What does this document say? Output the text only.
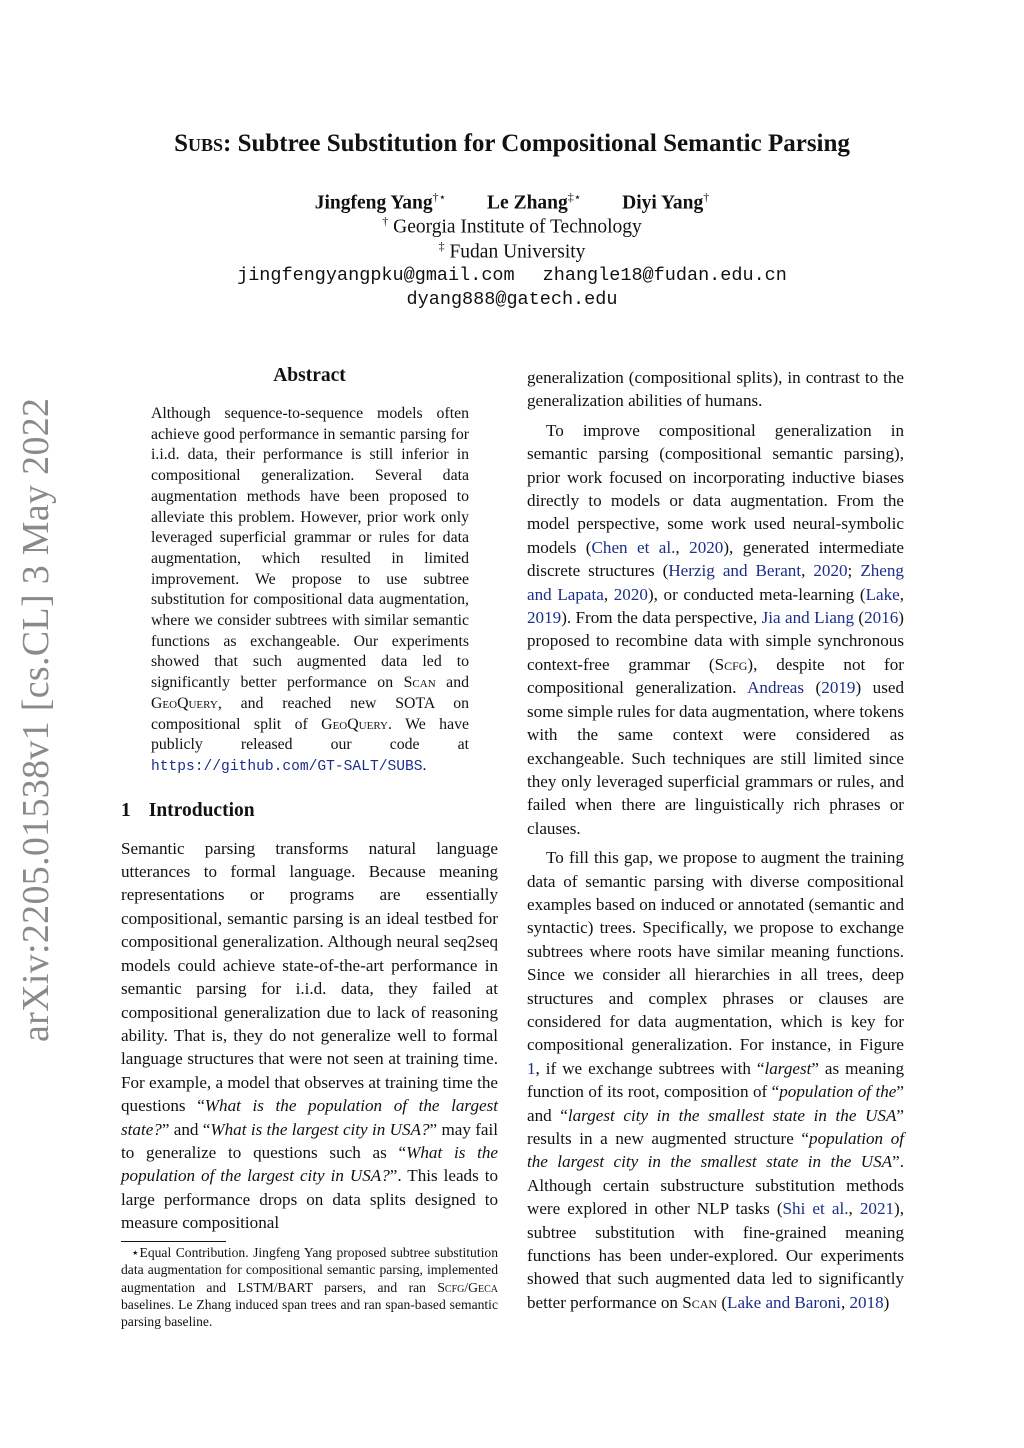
arXiv:2205.01538v1 [cs.CL] 3 May 2022
Subs: Subtree Substitution for Compositional Semantic Parsing
Jingfeng Yang†⋆ Le Zhang‡⋆ Diyi Yang†
† Georgia Institute of Technology
‡ Fudan University
jingfengyangpku@gmail.com zhangle18@fudan.edu.cn
dyang888@gatech.edu
Abstract

Although sequence-to-sequence models often achieve good performance in semantic parsing for i.i.d. data, their performance is still inferior in compositional generalization. Several data augmentation methods have been proposed to alleviate this problem. However, prior work only leveraged superficial grammar or rules for data augmentation, which resulted in limited improvement. We propose to use subtree substitution for compositional data augmentation, where we consider subtrees with similar semantic functions as exchangeable. Our experiments showed that such augmented data led to significantly better performance on Scan and GeoQuery, and reached new SOTA on compositional split of GeoQuery. We have publicly released our code at https://github.com/GT-SALT/SUBS.

1 Introduction

Semantic parsing transforms natural language utterances to formal language. Because meaning representations or programs are essentially compositional, semantic parsing is an ideal testbed for compositional generalization. Although neural seq2seq models could achieve state-of-the-art performance in semantic parsing for i.i.d. data, they failed at compositional generalization due to lack of reasoning ability. That is, they do not generalize well to formal language structures that were not seen at training time. For example, a model that observes at training time the questions “What is the population of the largest state?” and “What is the largest city in USA?” may fail to generalize to questions such as “What is the population of the largest city in USA?”. This leads to large performance drops on data splits designed to measure compositional

⋆Equal Contribution. Jingfeng Yang proposed subtree substitution data augmentation for compositional semantic parsing, implemented augmentation and LSTM/BART parsers, and ran Scfg/Geca baselines. Le Zhang induced span trees and ran span-based semantic parsing baseline.

generalization (compositional splits), in contrast to the generalization abilities of humans.

To improve compositional generalization in semantic parsing (compositional semantic parsing), prior work focused on incorporating inductive biases directly to models or data augmentation. From the model perspective, some work used neural-symbolic models (Chen et al., 2020), generated intermediate discrete structures (Herzig and Berant, 2020; Zheng and Lapata, 2020), or conducted meta-learning (Lake, 2019). From the data perspective, Jia and Liang (2016) proposed to recombine data with simple synchronous context-free grammar (Scfg), despite not for compositional generalization. Andreas (2019) used some simple rules for data augmentation, where tokens with the same context were considered as exchangeable. Such techniques are still limited since they only leveraged superficial grammars or rules, and failed when there are linguistically rich phrases or clauses.

To fill this gap, we propose to augment the training data of semantic parsing with diverse compositional examples based on induced or annotated (semantic and syntactic) trees. Specifically, we propose to exchange subtrees where roots have similar meaning functions. Since we consider all hierarchies in all trees, deep structures and complex phrases or clauses are considered for data augmentation, which is key for compositional generalization. For instance, in Figure 1, if we exchange subtrees with “largest” as meaning function of its root, composition of “population of the” and “largest city in the smallest state in the USA” results in a new augmented structure “population of the largest city in the smallest state in the USA”. Although certain substructure substitution methods were explored in other NLP tasks (Shi et al., 2021), subtree substitution with fine-grained meaning functions has been under-explored. Our experiments showed that such augmented data led to significantly better performance on Scan (Lake and Baroni, 2018)
